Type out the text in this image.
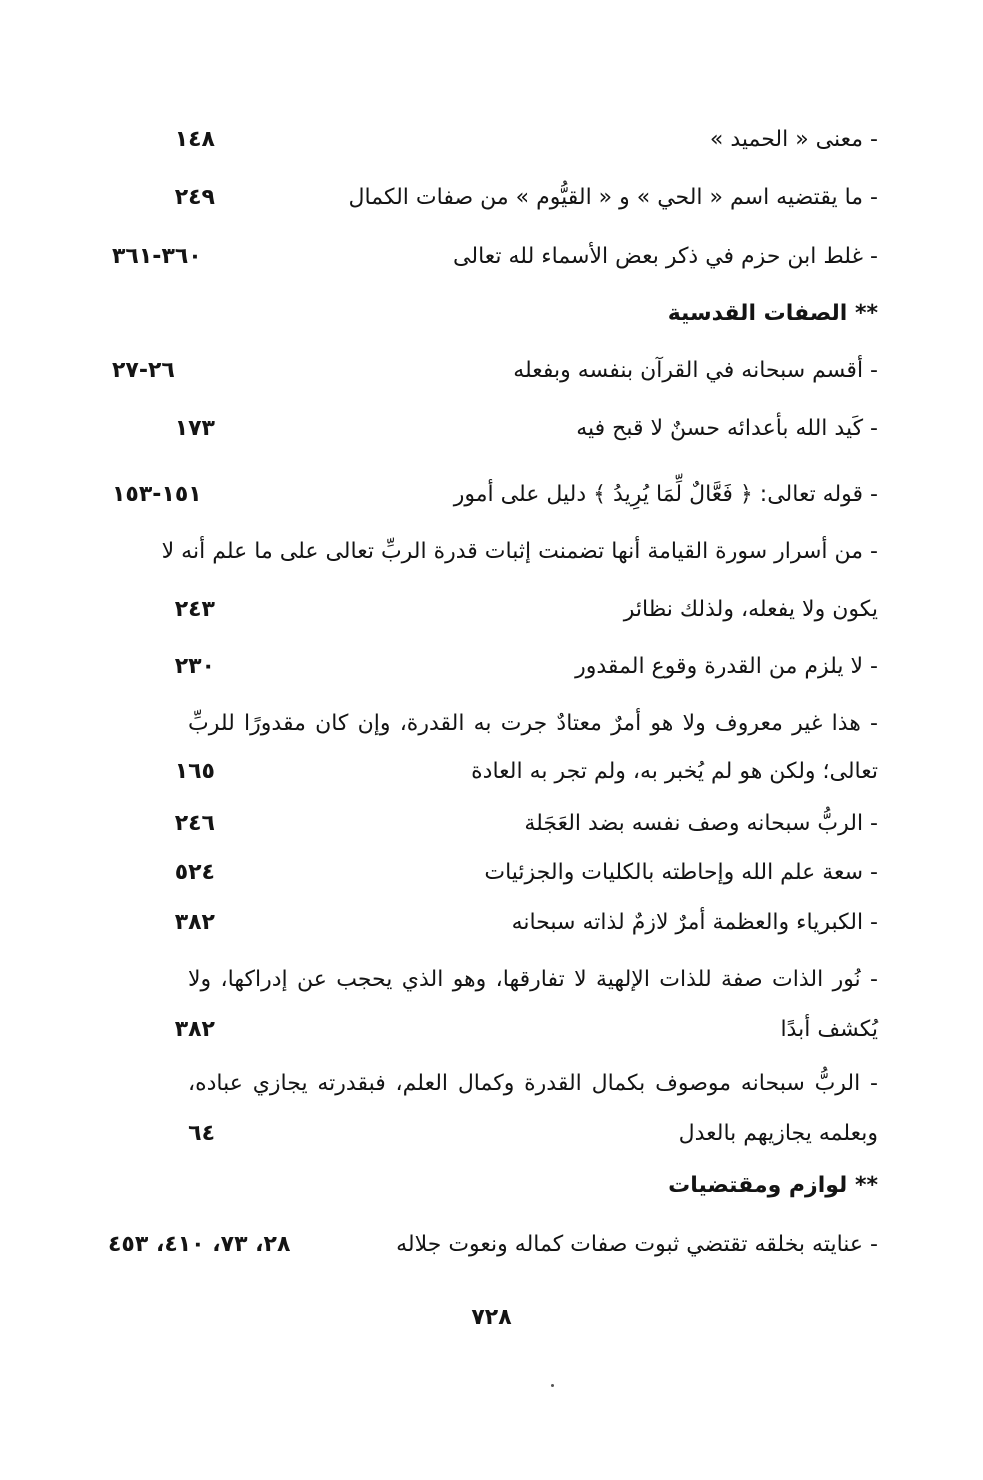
- معنى « الحميد »
١٤٨
- ما يقتضيه اسم « الحي » و « القيُّوم » من صفات الكمال
٢٤٩
- غلط ابن حزم في ذكر بعض الأسماء لله تعالى
٣٦٠-٣٦١
** الصفات القدسية
- أقسم سبحانه في القرآن بنفسه وبفعله
٢٦-٢٧
- كَيد الله بأعدائه حسنٌ لا قبح فيه
١٧٣
- قوله تعالى: ﴿ فَعَّالٌ لِّمَا يُرِيدُ ﴾ دليل على أمور
١٥١-١٥٣
- من أسرار سورة القيامة أنها تضمنت إثبات قدرة الربِّ تعالى على ما علم أنه لا
يكون ولا يفعله، ولذلك نظائر
٢٤٣
- لا يلزم من القدرة وقوع المقدور
٢٣٠
- هذا غير معروف ولا هو أمرٌ معتادٌ جرت به القدرة، وإن كان مقدورًا للربِّ
تعالى؛ ولكن هو لم يُخبر به، ولم تجر به العادة
١٦٥
- الربُّ سبحانه وصف نفسه بضد العَجَلة
٢٤٦
- سعة علم الله وإحاطته بالكليات والجزئيات
٥٢٤
- الكبرياء والعظمة أمرٌ لازمٌ لذاته سبحانه
٣٨٢
- نُور الذات صفة للذات الإلهية لا تفارقها، وهو الذي يحجب عن إدراكها، ولا
يُكشف أبدًا
٣٨٢
- الربُّ سبحانه موصوف بكمال القدرة وكمال العلم، فبقدرته يجازي عباده،
وبعلمه يجازيهم بالعدل
٦٤
** لوازم ومقتضيات
- عنايته بخلقه تقتضي ثبوت صفات كماله ونعوت جلاله
٢٨، ٧٣، ٤١٠، ٤٥٣
٧٢٨
